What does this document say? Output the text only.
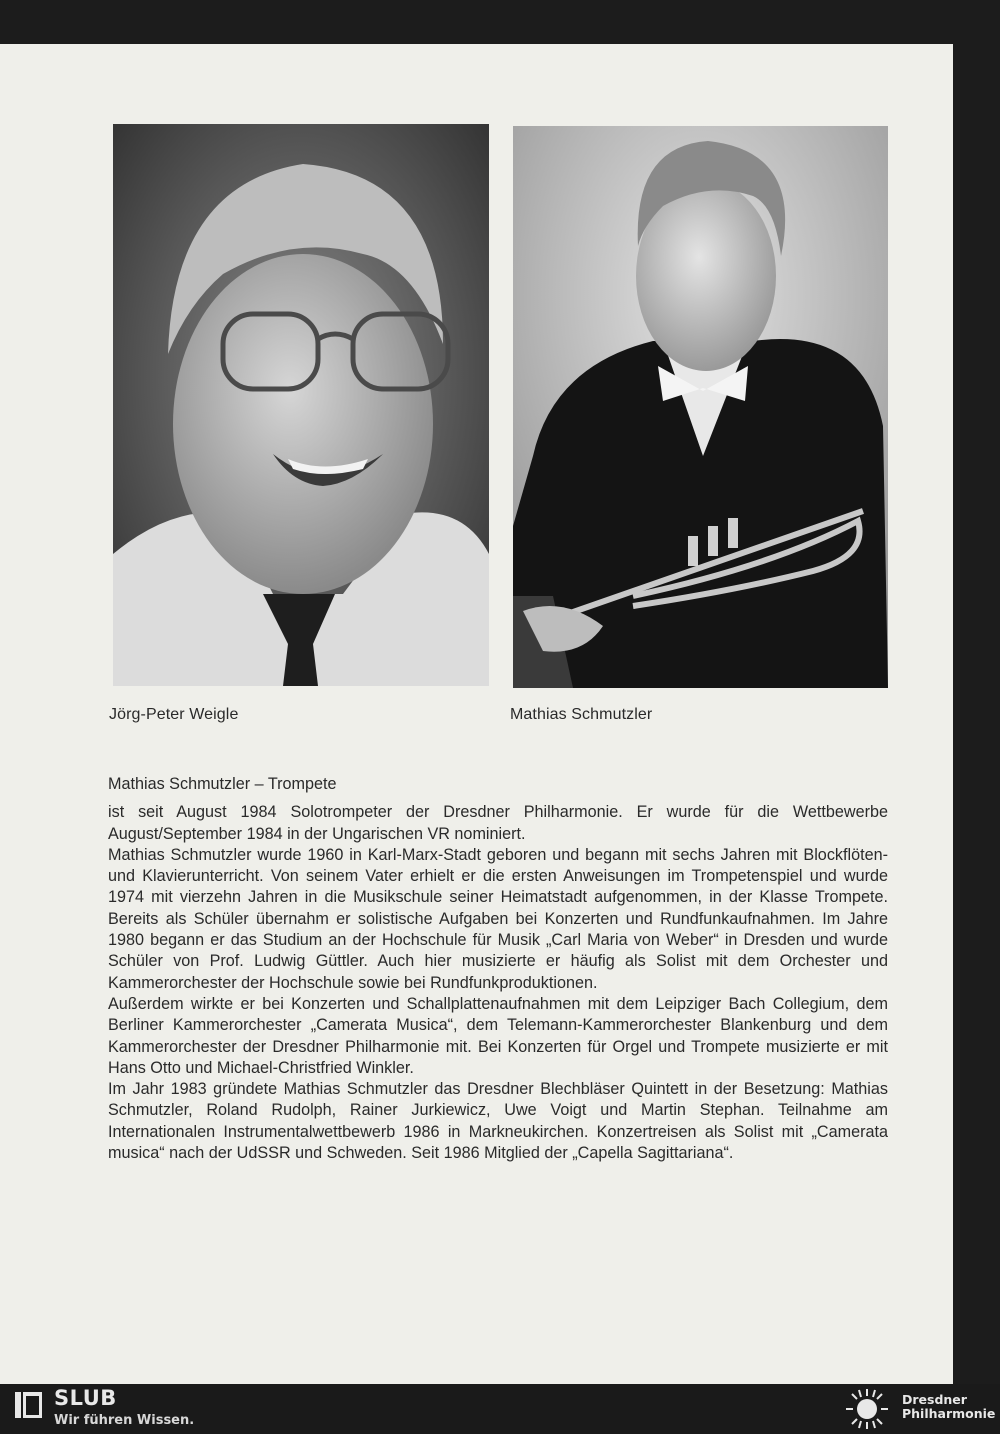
Jörg-Peter Weigle	Mathias Schmutzler
Mathias Schmutzler – Trompete

ist seit August 1984 Solotrompeter der Dresdner Philharmonie. Er wurde für die Wettbewerbe August/September 1984 in der Ungarischen VR nominiert.

Mathias Schmutzler wurde 1960 in Karl-Marx-Stadt geboren und begann mit sechs Jahren mit Blockflöten- und Klavierunterricht. Von seinem Vater erhielt er die ersten Anweisungen im Trompetenspiel und wurde 1974 mit vierzehn Jahren in die Musikschule seiner Heimatstadt aufgenommen, in der Klasse Trompete. Bereits als Schüler übernahm er solistische Aufgaben bei Konzerten und Rundfunkaufnahmen. Im Jahre 1980 begann er das Studium an der Hochschule für Musik „Carl Maria von Weber“ in Dresden und wurde Schüler von Prof. Ludwig Güttler. Auch hier musizierte er häufig als Solist mit dem Orchester und Kammerorchester der Hochschule sowie bei Rundfunkproduktionen.

Außerdem wirkte er bei Konzerten und Schallplattenaufnahmen mit dem Leipziger Bach Collegium, dem Berliner Kammerorchester „Camerata Musica“, dem Telemann-Kammerorchester Blankenburg und dem Kammerorchester der Dresdner Philharmonie mit. Bei Konzerten für Orgel und Trompete musizierte er mit Hans Otto und Michael-Christfried Winkler.

Im Jahr 1983 gründete Mathias Schmutzler das Dresdner Blechbläser Quintett in der Besetzung: Mathias Schmutzler, Roland Rudolph, Rainer Jurkiewicz, Uwe Voigt und Martin Stephan. Teilnahme am Internationalen Instrumentalwettbewerb 1986 in Markneukirchen. Konzertreisen als Solist mit „Camerata musica“ nach der UdSSR und Schweden. Seit 1986 Mitglied der „Capella Sagittariana“.

SLUB
Wir führen Wissen.
Dresdner
Philharmonie
